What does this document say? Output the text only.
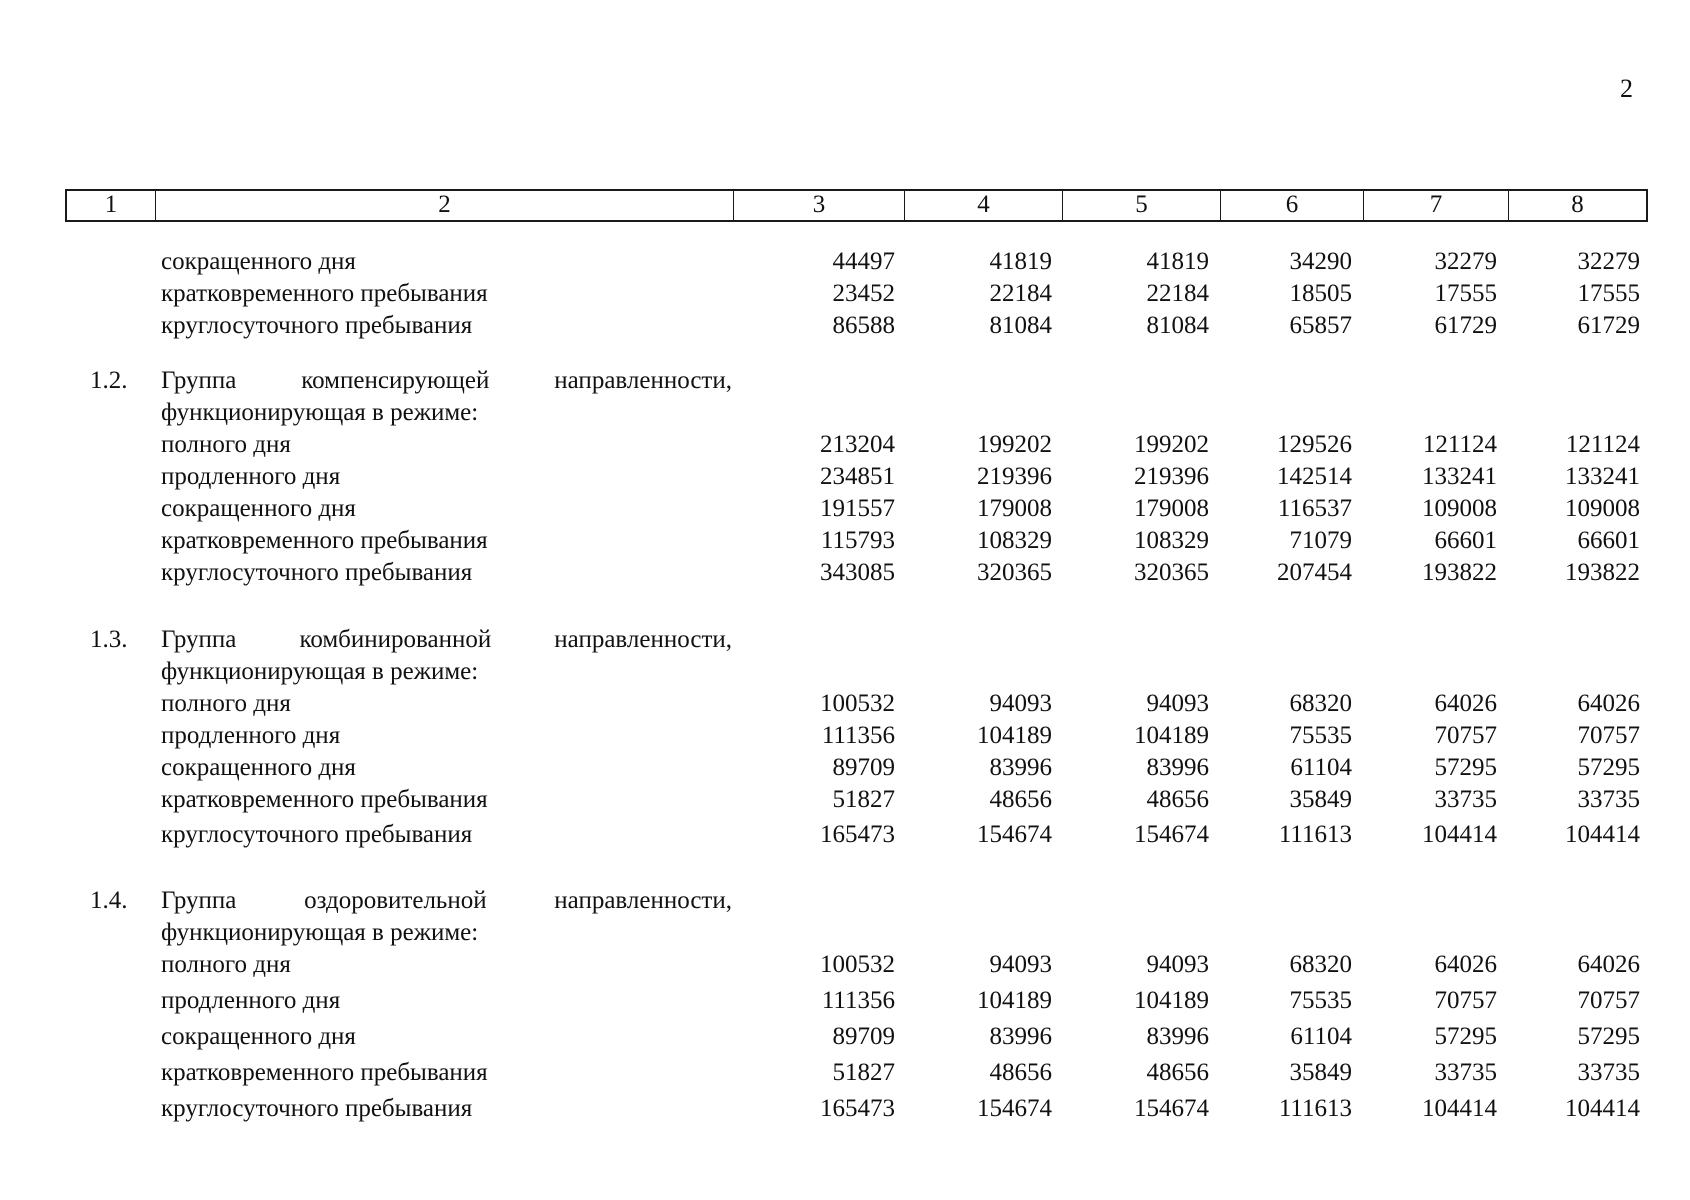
2
1	2	3	4	5	6	7	8
сокращенного дня	44497	41819	41819	34290	32279	32279
кратковременного пребывания	23452	22184	22184	18505	17555	17555
круглосуточного пребывания	86588	81084	81084	65857	61729	61729
1.2. Группа компенсирующей направленности,
функционирующая в режиме:
полного дня	213204	199202	199202	129526	121124	121124
продленного дня	234851	219396	219396	142514	133241	133241
сокращенного дня	191557	179008	179008	116537	109008	109008
кратковременного пребывания	115793	108329	108329	71079	66601	66601
круглосуточного пребывания	343085	320365	320365	207454	193822	193822
1.3. Группа комбинированной направленности,
функционирующая в режиме:
полного дня	100532	94093	94093	68320	64026	64026
продленного дня	111356	104189	104189	75535	70757	70757
сокращенного дня	89709	83996	83996	61104	57295	57295
кратковременного пребывания	51827	48656	48656	35849	33735	33735
круглосуточного пребывания	165473	154674	154674	111613	104414	104414
1.4. Группа оздоровительной направленности,
функционирующая в режиме:
полного дня	100532	94093	94093	68320	64026	64026
продленного дня	111356	104189	104189	75535	70757	70757
сокращенного дня	89709	83996	83996	61104	57295	57295
кратковременного пребывания	51827	48656	48656	35849	33735	33735
круглосуточного пребывания	165473	154674	154674	111613	104414	104414
